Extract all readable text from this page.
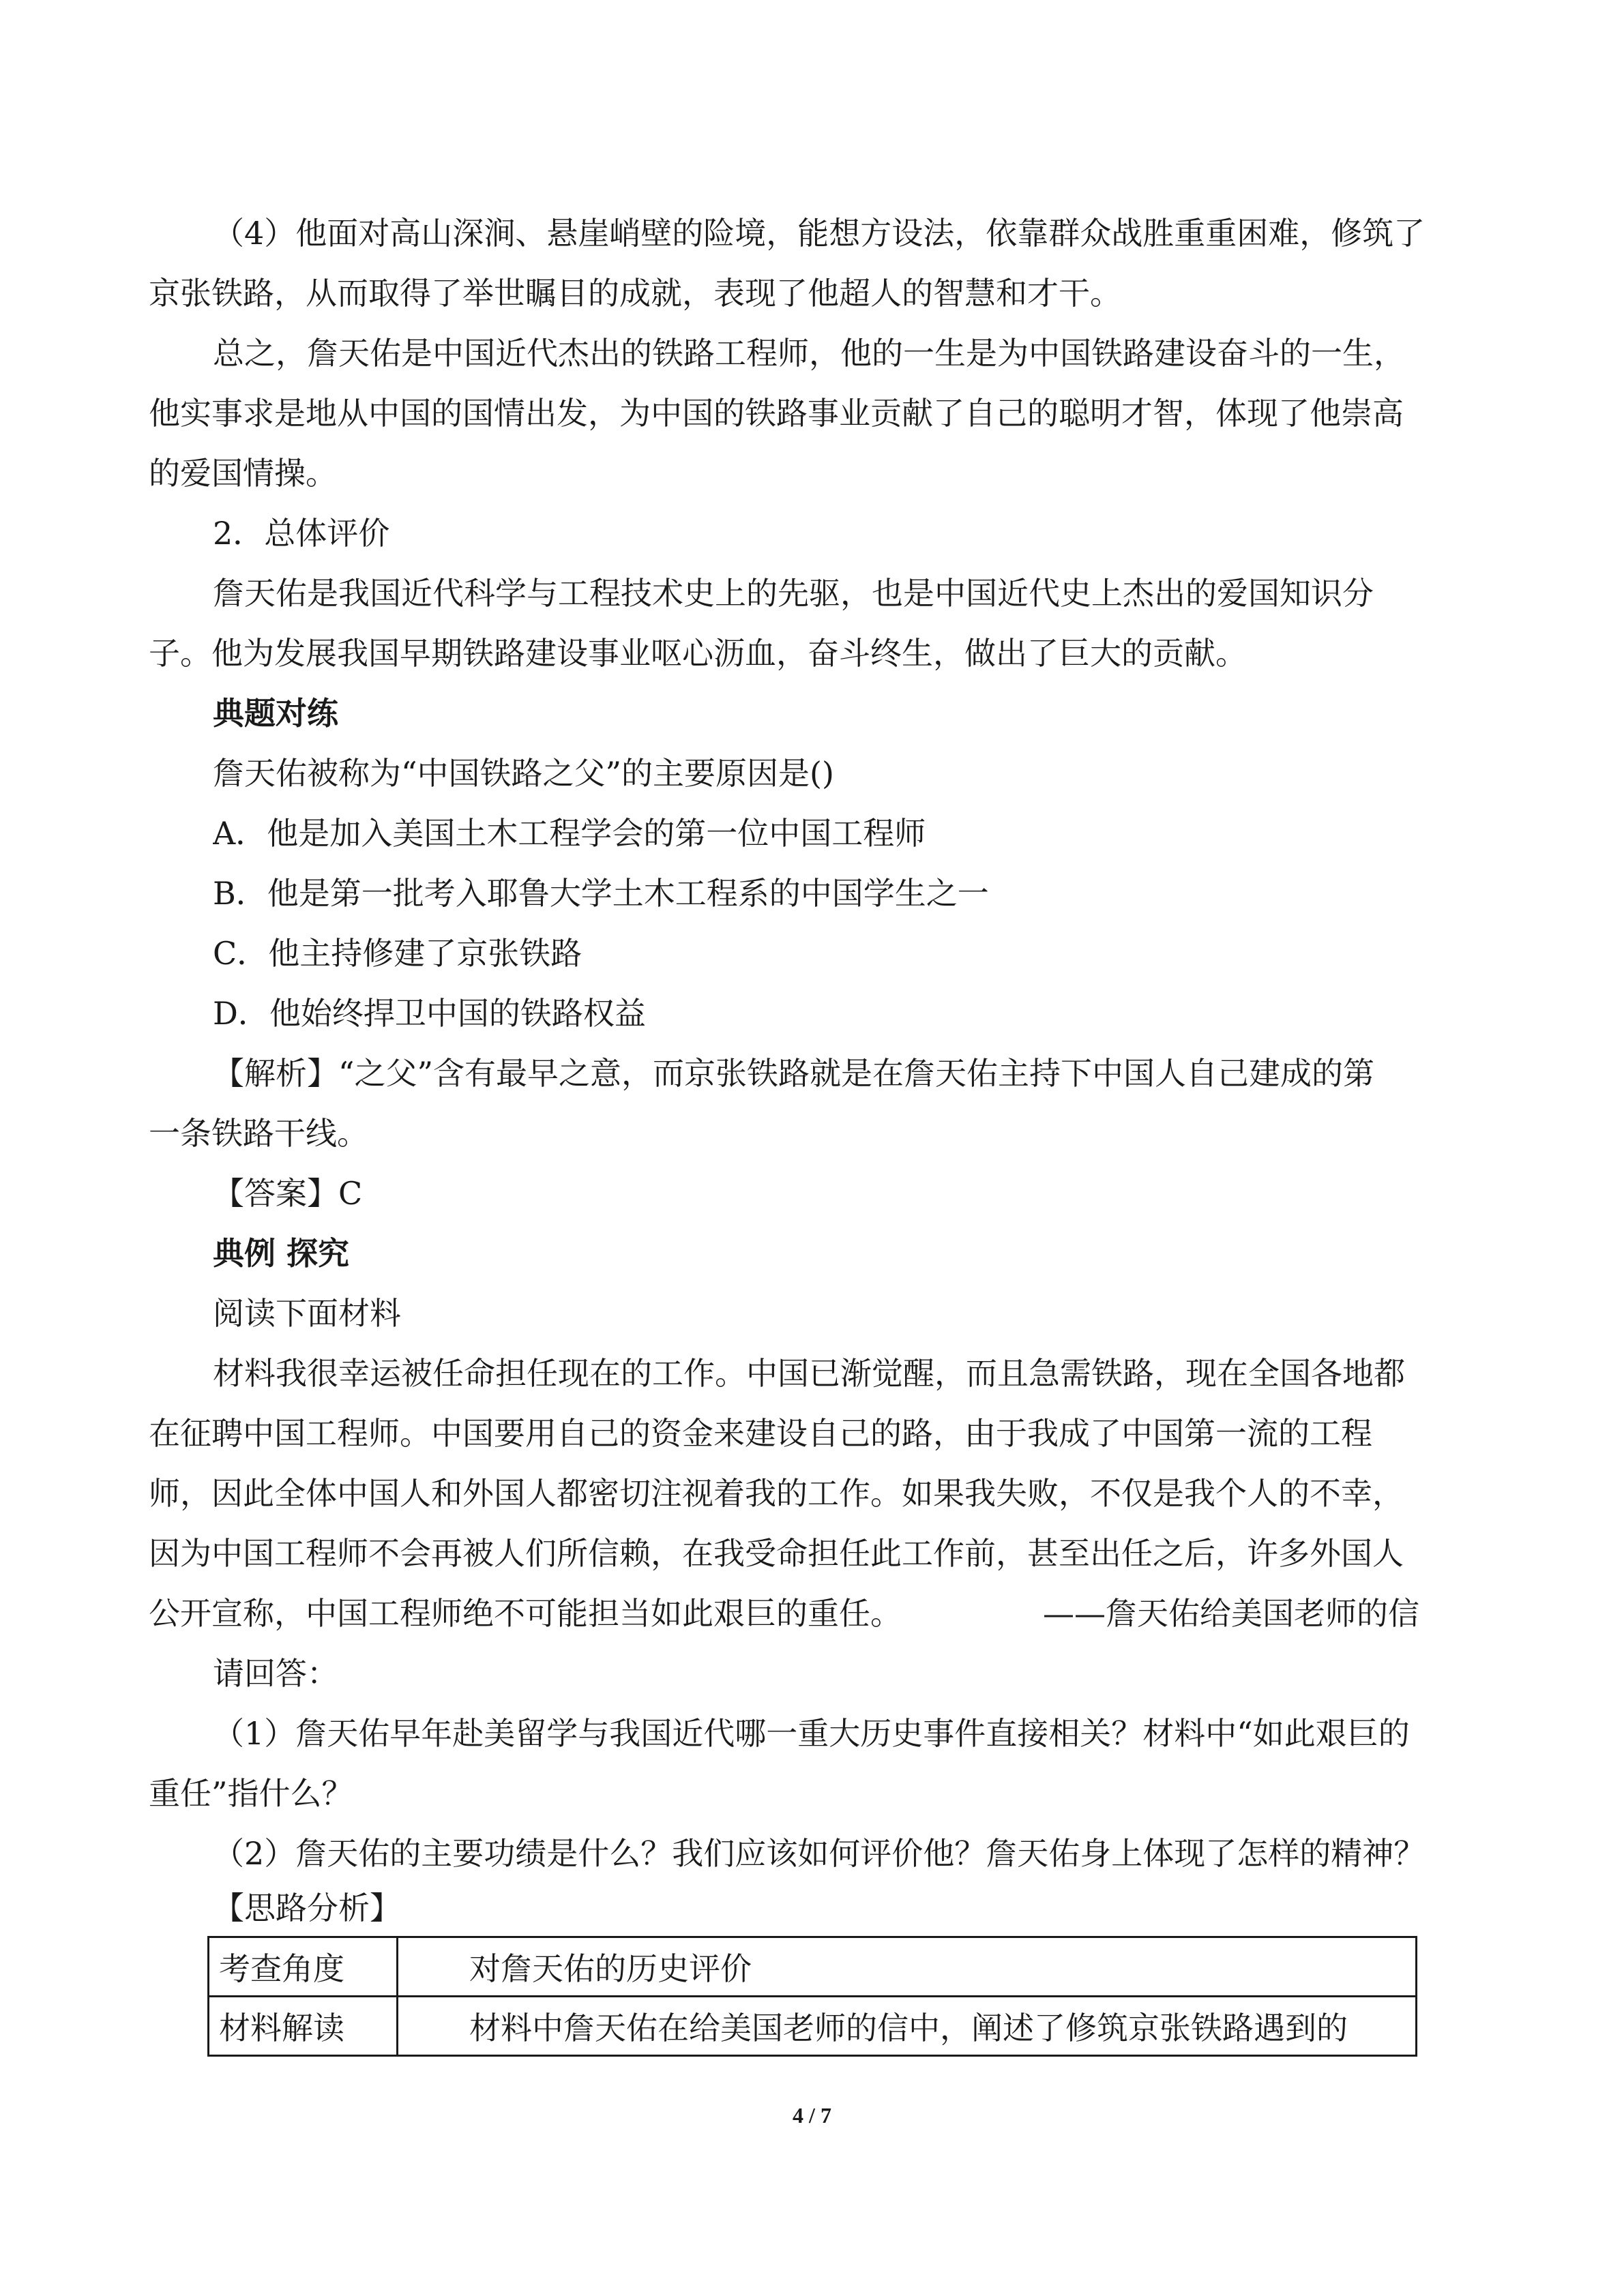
（4）他面对高山深涧、悬崖峭壁的险境，能想方设法，依靠群众战胜重重困难，修筑了
京张铁路，从而取得了举世瞩目的成就，表现了他超人的智慧和才干。
总之，詹天佑是中国近代杰出的铁路工程师，他的一生是为中国铁路建设奋斗的一生，
他实事求是地从中国的国情出发，为中国的铁路事业贡献了自己的聪明才智，体现了他崇高
的爱国情操。
2．总体评价
詹天佑是我国近代科学与工程技术史上的先驱，也是中国近代史上杰出的爱国知识分
子。他为发展我国早期铁路建设事业呕心沥血，奋斗终生，做出了巨大的贡献。
典题对练
詹天佑被称为“中国铁路之父”的主要原因是()
A．他是加入美国土木工程学会的第一位中国工程师
B．他是第一批考入耶鲁大学土木工程系的中国学生之一
C．他主持修建了京张铁路
D．他始终捍卫中国的铁路权益
【解析】“之父”含有最早之意，而京张铁路就是在詹天佑主持下中国人自己建成的第
一条铁路干线。
【答案】C
典例 探究
阅读下面材料
材料我很幸运被任命担任现在的工作。中国已渐觉醒，而且急需铁路，现在全国各地都
在征聘中国工程师。中国要用自己的资金来建设自己的路，由于我成了中国第一流的工程
师，因此全体中国人和外国人都密切注视着我的工作。如果我失败，不仅是我个人的不幸，
因为中国工程师不会再被人们所信赖，在我受命担任此工作前，甚至出任之后，许多外国人
公开宣称，中国工程师绝不可能担当如此艰巨的重任。　　　　　——詹天佑给美国老师的信
请回答：
（1）詹天佑早年赴美留学与我国近代哪一重大历史事件直接相关？材料中“如此艰巨的
重任”指什么？
（2）詹天佑的主要功绩是什么？我们应该如何评价他？詹天佑身上体现了怎样的精神？
【思路分析】
考查角度	对詹天佑的历史评价
材料解读	材料中詹天佑在给美国老师的信中，阐述了修筑京张铁路遇到的
4 / 7
